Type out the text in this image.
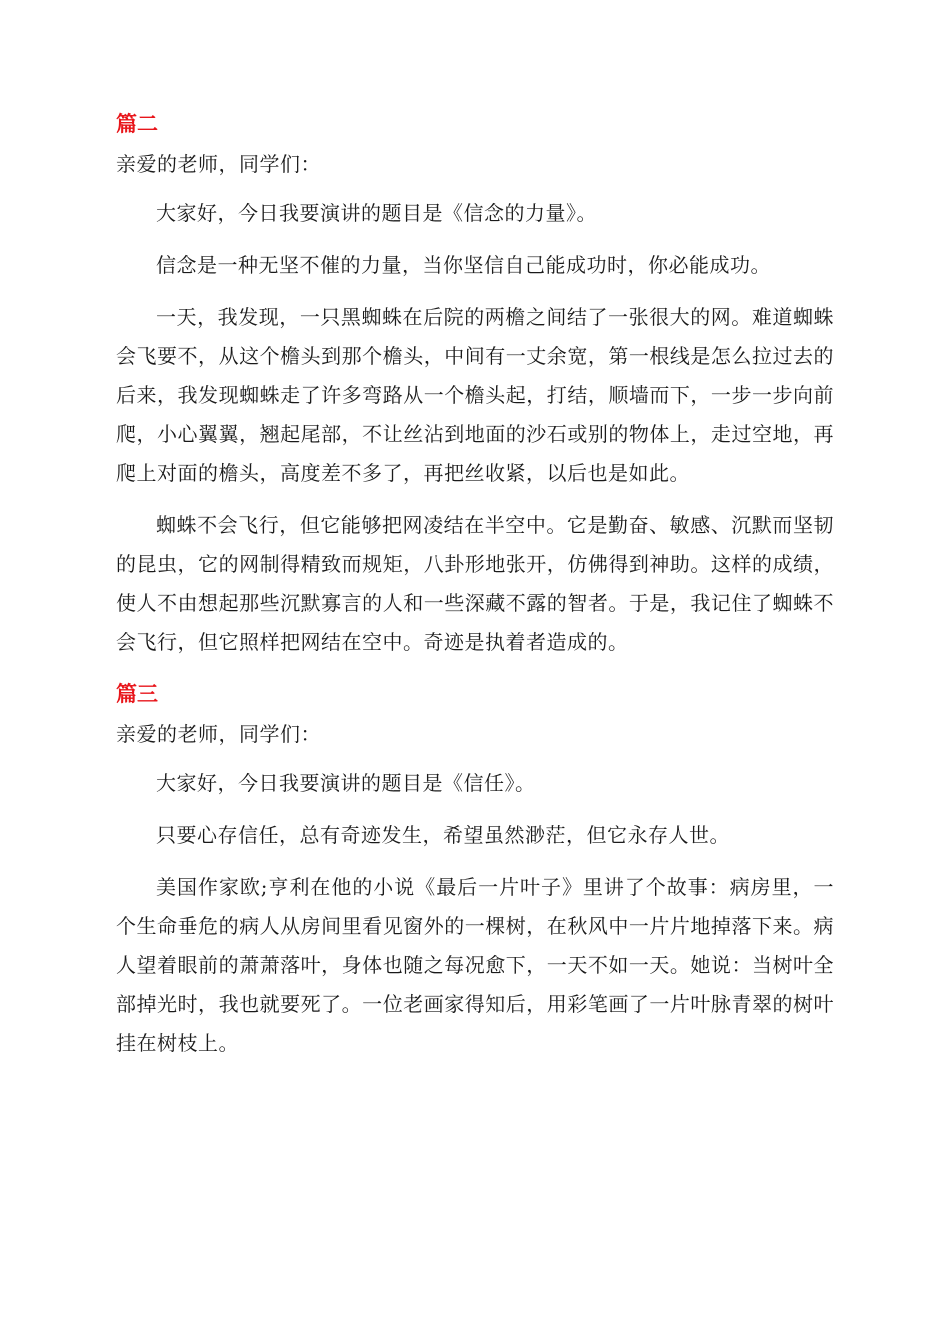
篇二
亲爱的老师，同学们：

大家好，今日我要演讲的题目是《信念的力量》。

信念是一种无坚不催的力量，当你坚信自己能成功时，你必能成功。

一天，我发现，一只黑蜘蛛在后院的两檐之间结了一张很大的网。难道蜘蛛会飞要不，从这个檐头到那个檐头，中间有一丈余宽，第一根线是怎么拉过去的后来，我发现蜘蛛走了许多弯路从一个檐头起，打结，顺墙而下，一步一步向前爬，小心翼翼，翘起尾部，不让丝沾到地面的沙石或别的物体上，走过空地，再爬上对面的檐头，高度差不多了，再把丝收紧，以后也是如此。

蜘蛛不会飞行，但它能够把网凌结在半空中。它是勤奋、敏感、沉默而坚韧的昆虫，它的网制得精致而规矩，八卦形地张开，仿佛得到神助。这样的成绩，使人不由想起那些沉默寡言的人和一些深藏不露的智者。于是，我记住了蜘蛛不会飞行，但它照样把网结在空中。奇迹是执着者造成的。

篇三
亲爱的老师，同学们：

大家好，今日我要演讲的题目是《信任》。

只要心存信任，总有奇迹发生，希望虽然渺茫，但它永存人世。

美国作家欧;亨利在他的小说《最后一片叶子》里讲了个故事：病房里，一个生命垂危的病人从房间里看见窗外的一棵树，在秋风中一片片地掉落下来。病人望着眼前的萧萧落叶，身体也随之每况愈下，一天不如一天。她说：当树叶全部掉光时，我也就要死了。一位老画家得知后，用彩笔画了一片叶脉青翠的树叶挂在树枝上。
